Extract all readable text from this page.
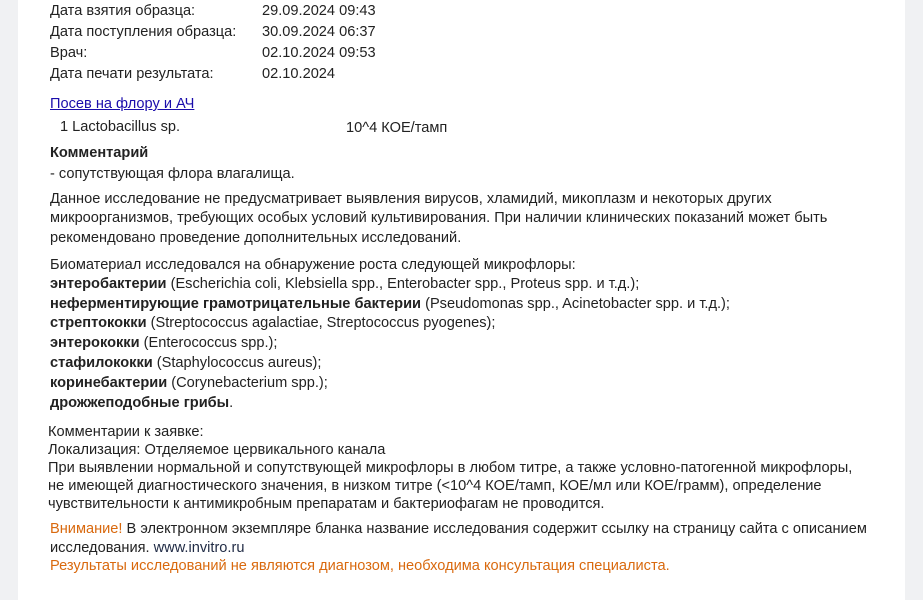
Дата взятия образца:	29.09.2024 09:43
Дата поступления образца: 30.09.2024 06:37
Врач:	02.10.2024 09:53
Дата печати результата:	02.10.2024
Посев на флору и АЧ
1 Lactobacillus sp.	10^4 КОЕ/тамп
Комментарий
- сопутствующая флора влагалища.
Данное исследование не предусматривает выявления вирусов, хламидий, микоплазм и некоторых других
микроорганизмов, требующих особых условий культивирования. При наличии клинических показаний может быть
рекомендовано проведение дополнительных исследований.
Биоматериал исследовался на обнаружение роста следующей микрофлоры:
энтеробактерии (Escherichia coli, Klebsiella spp., Enterobacter spp., Proteus spp. и т.д.);
неферментирующие грамотрицательные бактерии (Pseudomonas spp., Acinetobacter spp. и т.д.);
стрептококки (Streptococcus agalactiae, Streptococcus pyogenes);
энтерококки (Enterococcus spp.);
стафилококки (Staphylococcus aureus);
коринебактерии (Corynebacterium spp.);
дрожжеподобные грибы.
Комментарии к заявке:
Локализация: Отделяемое цервикального канала
При выявлении нормальной и сопутствующей микрофлоры в любом титре, а также условно-патогенной микрофлоры,
не имеющей диагностического значения, в низком титре (<10^4 КОЕ/тамп, КОЕ/мл или КОЕ/грамм), определение
чувствительности к антимикробным препаратам и бактериофагам не проводится.
Внимание! В электронном экземпляре бланка название исследования содержит ссылку на страницу сайта с описанием
исследования. www.invitro.ru
Результаты исследований не являются диагнозом, необходима консультация специалиста.
